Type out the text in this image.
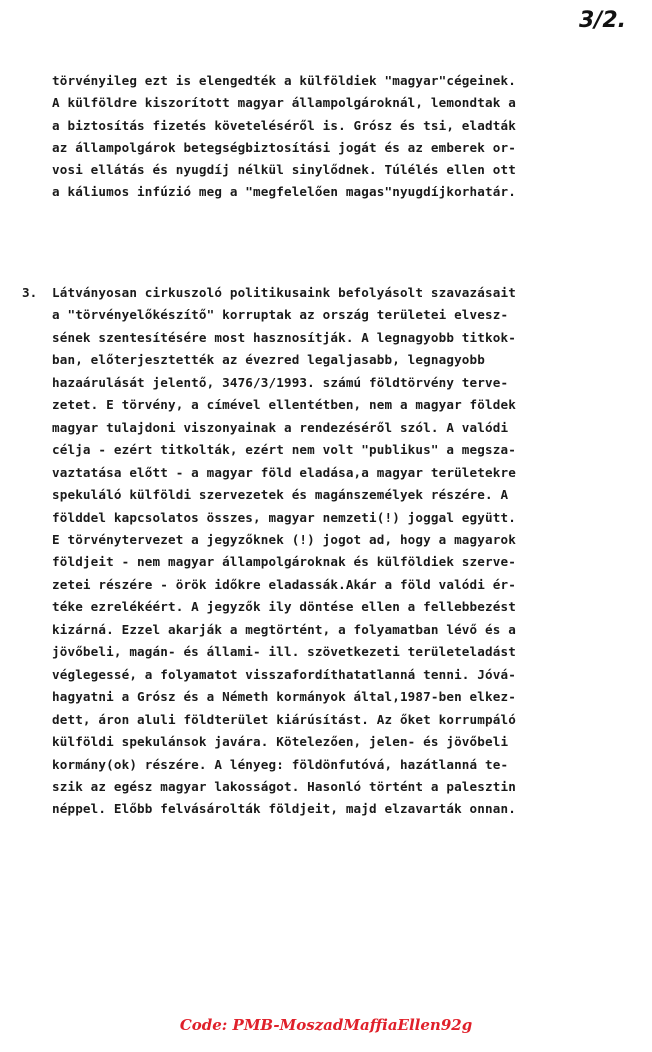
3/2.
törvényileg ezt is elengedték a külföldiek "magyar"cégeinek.
A külföldre kiszorított magyar állampolgároknál, lemondtak a
a biztosítás fizetés követeléséről is. Grósz és tsi, eladták
az állampolgárok betegségbiztosítási jogát és az emberek or-
vosi ellátás és nyugdíj nélkül sinylődnek. Túlélés ellen ott
a káliumos infúzió meg a "megfelelően magas"nyugdíjkorhatár.
3. Látványosan cirkuszoló politikusaink befolyásolt szavazásait
a "törvényelőkészítő" korruptak az ország területei elvesz-
sének szentesítésére most hasznosítják. A legnagyobb titkok-
ban, előterjesztették az évezred legaljasabb, legnagyobb
hazaárulását jelentő, 3476/3/1993. számú földtörvény terve-
zetet. E törvény, a címével ellentétben, nem a magyar földek
magyar tulajdoni viszonyainak a rendezéséről szól. A valódi
célja - ezért titkolták, ezért nem volt "publikus" a megsza-
vaztatása előtt - a magyar föld eladása,a magyar területekre
spekuláló külföldi szervezetek és magánszemélyek részére. A
földdel kapcsolatos összes, magyar nemzeti(!) joggal együtt.
E törvénytervezet a jegyzőknek (!) jogot ad, hogy a magyarok
földjeit - nem magyar állampolgároknak és külföldiek szerve-
zetei részére - örök időkre eladassák.Akár a föld valódi ér-
téke ezrelékéért. A jegyzők ily döntése ellen a fellebbezést
kizárná. Ezzel akarják a megtörtént, a folyamatban lévő és a
jövőbeli, magán- és állami- ill. szövetkezeti területeladást
véglegessé, a folyamatot visszafordíthatatlanná tenni. Jóvá-
hagyatni a Grósz és a Németh kormányok által,1987-ben elkez-
dett, áron aluli földterület kiárúsítást. Az őket korrumpáló
külföldi spekulánsok javára. Kötelezően, jelen- és jövőbeli
kormány(ok) részére. A lényeg: földönfutóvá, hazátlanná te-
szik az egész magyar lakosságot. Hasonló történt a palesztin
néppel. Előbb felvásárolták földjeit, majd elzavarták onnan.
Code: PMB-MoszadMaffiaEllen92g
